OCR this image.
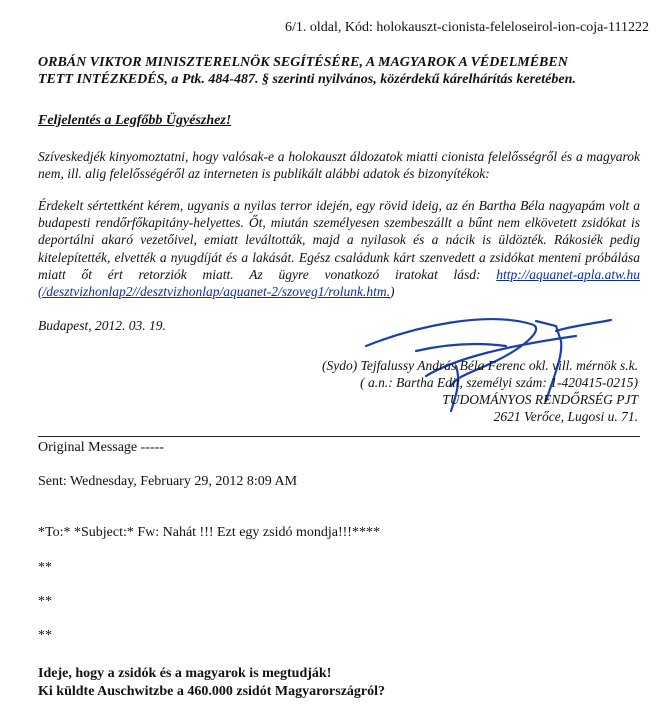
6/1. oldal, Kód: holokauszt-cionista-feleloseirol-ion-coja-111222
ORBÁN VIKTOR MINISZTERELNÖK SEGÍTÉSÉRE, A MAGYAROK A VÉDELMÉBEN
TETT INTÉZKEDÉS, a Ptk. 484-487. § szerinti nyilvános, közérdekű kárelhárítás keretében.
Feljelentés a Legfőbb Ügyészhez!
Szíveskedjék kinyomoztatni, hogy valósak-e a holokauszt áldozatok miatti cionista felelősségről és a magyarok nem, ill. alig felelősségéről az interneten is publikált alábbi adatok és bizonyítékok:
Érdekelt sértettként kérem, ugyanis a nyilas terror idején, egy rövid ideig, az én Bartha Béla nagyapám volt a budapesti rendőrfőkapitány-helyettes. Őt, miután személyesen szembeszállt a bűnt nem elkövetett zsidókat is deportálni akaró vezetőivel, emiatt leváltották, majd a nyilasok és a nácik is üldözték. Rákosiék pedig kitelepítették, elvették a nyugdíját és a lakását. Egész családunk kárt szenvedett a zsidókat menteni próbálása miatt őt ért retorziók miatt. Az ügyre vonatkozó iratokat lásd: http://aquanet-apla.atw.hu (/desztvizhonlap2//desztvizhonlap/aquanet-2/szoveg1/rolunk.htm.)
Budapest, 2012. 03. 19.
(Sydo) Tejfalussy András Béla Ferenc okl. vill. mérnök s.k.
( a.n.: Bartha Edit, személyi szám: 1-420415-0215)
TUDOMÁNYOS RENDŐRSÉG PJT
2621 Verőce, Lugosi u. 71.
Original Message -----
Sent: Wednesday, February 29, 2012 8:09 AM
*To:* *Subject:* Fw: Nahát !!! Ezt egy zsidó mondja!!!****
**
**
**
Ideje, hogy a zsidók és a magyarok is megtudják!
Ki küldte Auschwitzbe a 460.000 zsidót Magyarországról?
